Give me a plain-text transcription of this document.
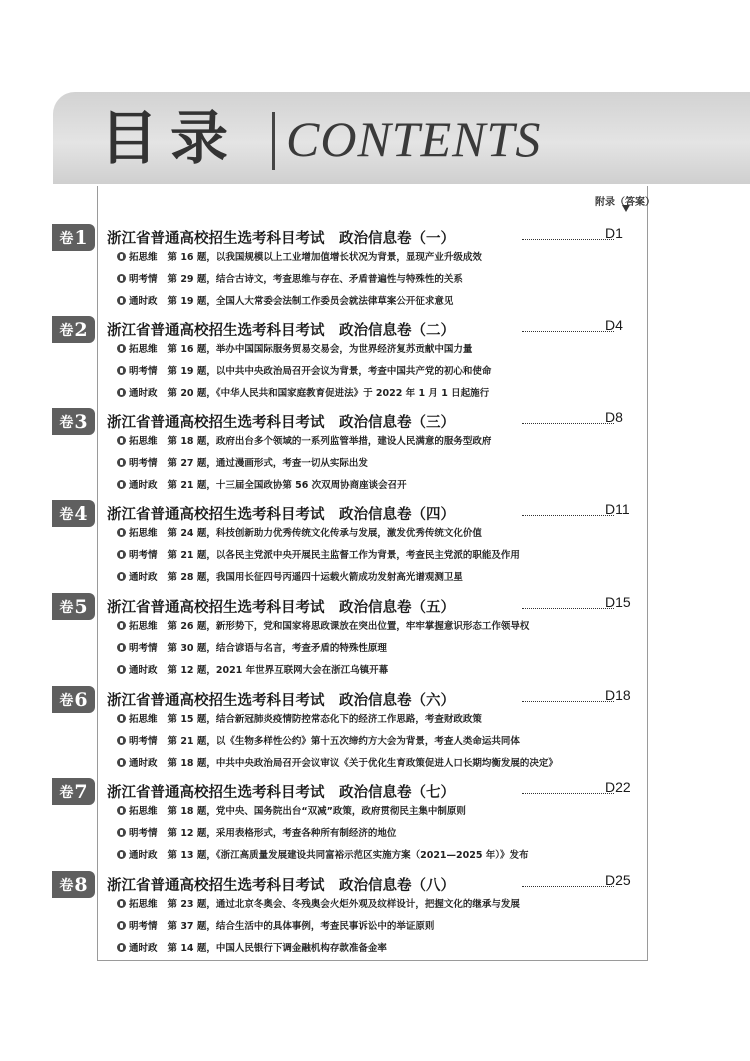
目录 CONTENTS
附录（答案）
卷 1 浙江省普通高校招生选考科目考试　政治信息卷（一）	D1
拓思维 第 16 题，以我国规模以上工业增加值增长状况为背景，显现产业升级成效
明考情 第 29 题，结合古诗文，考查思维与存在、矛盾普遍性与特殊性的关系
通时政 第 19 题，全国人大常委会法制工作委员会就法律草案公开征求意见
卷 2 浙江省普通高校招生选考科目考试　政治信息卷（二）	D4
拓思维 第 16 题，举办中国国际服务贸易交易会，为世界经济复苏贡献中国力量
明考情 第 19 题，以中共中央政治局召开会议为背景，考查中国共产党的初心和使命
通时政 第 20 题，《中华人民共和国家庭教育促进法》于 2022 年 1 月 1 日起施行
卷 3 浙江省普通高校招生选考科目考试　政治信息卷（三）	D8
拓思维 第 18 题，政府出台多个领域的一系列监管举措，建设人民满意的服务型政府
明考情 第 27 题，通过漫画形式，考查一切从实际出发
通时政 第 21 题，十三届全国政协第 56 次双周协商座谈会召开
卷 4 浙江省普通高校招生选考科目考试　政治信息卷（四）	D11
拓思维 第 24 题，科技创新助力优秀传统文化传承与发展，激发优秀传统文化价值
明考情 第 21 题，以各民主党派中央开展民主监督工作为背景，考查民主党派的职能及作用
通时政 第 28 题，我国用长征四号丙遥四十运载火箭成功发射高光谱观测卫星
卷 5 浙江省普通高校招生选考科目考试　政治信息卷（五）	D15
拓思维 第 26 题，新形势下，党和国家将思政课放在突出位置，牢牢掌握意识形态工作领导权
明考情 第 30 题，结合谚语与名言，考查矛盾的特殊性原理
通时政 第 12 题，2021 年世界互联网大会在浙江乌镇开幕
卷 6 浙江省普通高校招生选考科目考试　政治信息卷（六）	D18
拓思维 第 15 题，结合新冠肺炎疫情防控常态化下的经济工作思路，考查财政政策
明考情 第 21 题，以《生物多样性公约》第十五次缔约方大会为背景，考查人类命运共同体
通时政 第 18 题，中共中央政治局召开会议审议《关于优化生育政策促进人口长期均衡发展的决定》
卷 7 浙江省普通高校招生选考科目考试　政治信息卷（七）	D22
拓思维 第 18 题，党中央、国务院出台“双减”政策，政府贯彻民主集中制原则
明考情 第 12 题，采用表格形式，考查各种所有制经济的地位
通时政 第 13 题，《浙江高质量发展建设共同富裕示范区实施方案（2021—2025 年）》发布
卷 8 浙江省普通高校招生选考科目考试　政治信息卷（八）	D25
拓思维 第 23 题，通过北京冬奥会、冬残奥会火炬外观及纹样设计，把握文化的继承与发展
明考情 第 37 题，结合生活中的具体事例，考查民事诉讼中的举证原则
通时政 第 14 题，中国人民银行下调金融机构存款准备金率
